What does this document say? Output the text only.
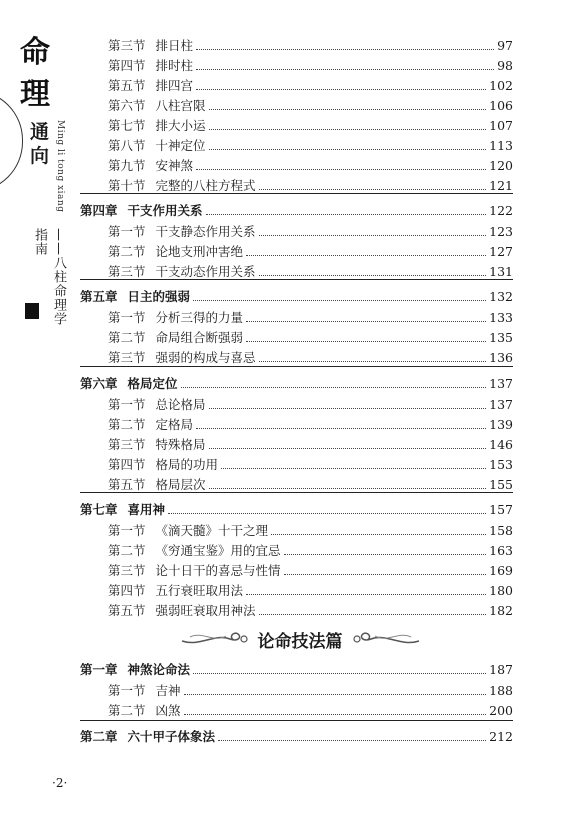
命
理
通向 Ming li tong xiang
——八柱命理学指南
第三节 排日柱	97
第四节 排时柱	98
第五节 排四宫	102
第六节 八柱宫限	106
第七节 排大小运	107
第八节 十神定位	113
第九节 安神煞	120
第十节 完整的八柱方程式	121
第四章 干支作用关系	122
第一节 干支静态作用关系	123
第二节 论地支刑冲害绝	127
第三节 干支动态作用关系	131
第五章 日主的强弱	132
第一节 分析三得的力量	133
第二节 命局组合断强弱	135
第三节 强弱的构成与喜忌	136
第六章 格局定位	137
第一节 总论格局	137
第二节 定格局	139
第三节 特殊格局	146
第四节 格局的功用	153
第五节 格局层次	155
第七章 喜用神	157
第一节 《滴天髓》十干之理	158
第二节 《穷通宝鉴》用的宜忌	163
第三节 论十日干的喜忌与性情	169
第四节 五行衰旺取用法	180
第五节 强弱旺衰取用神法	182
第一章 神煞论命法	187
第一节 吉神	188
第二节 凶煞	200
第二章 六十甲子体象法	212
论命技法篇
·2·
